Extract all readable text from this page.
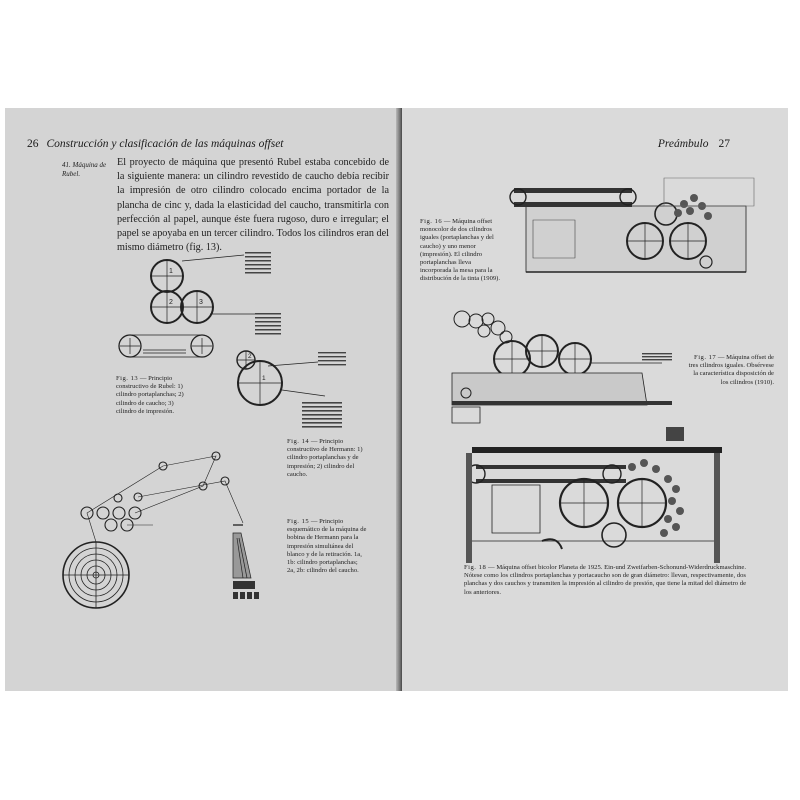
26 Construcción y clasificación de las máquinas offset
41. Máquina de Rubel.
El proyecto de máquina que presentó Rubel estaba concebido de la siguiente manera: un cilindro revestido de caucho debía recibir la impresión de otro cilindro colocado encima portador de la plancha de cinc y, dada la elasticidad del caucho, transmitirla con perfección al papel, aunque éste fuera rugoso, duro e irregular; el papel se apoyaba en un tercer cilindro. Todos los cilindros eran del mismo diámetro (fig. 13).
1
2	3
Fig. 13 — Principio constructivo de Rubel: 1) cilindro portaplanchas; 2) cilindro de caucho; 3) cilindro de impresión.
2
1
Fig. 14 — Principio constructivo de Hermann: 1) cilindro portaplanchas y de impresión; 2) cilindro del caucho.
Fig. 15 — Principio esquemático de la máquina de bobina de Hermann para la impresión simultánea del blanco y de la retiración. 1a, 1b: cilindro portaplanchas; 2a, 2b: cilindro del caucho.
Preámbulo 27
Fig. 16 — Máquina offset monocolor de dos cilindros iguales (portaplanchas y del caucho) y uno menor (impresión). El cilindro portaplanchas lleva incorporada la mesa para la distribución de la tinta (1909).
Fig. 17 — Máquina offset de tres cilindros iguales. Obsérvese la característica disposición de los cilindros (1910).
Fig. 18 — Máquina offset bicolor Planeta de 1925. Ein-und Zweifarben-Schonund-Widerdruckmaschine. Nótese como los cilindros portaplanchas y portacaucho son de gran diámetro: llevan, respectivamente, dos planchas y dos cauchos y transmiten la impresión al cilindro de presión, que tiene la mitad del diámetro de los anteriores.
